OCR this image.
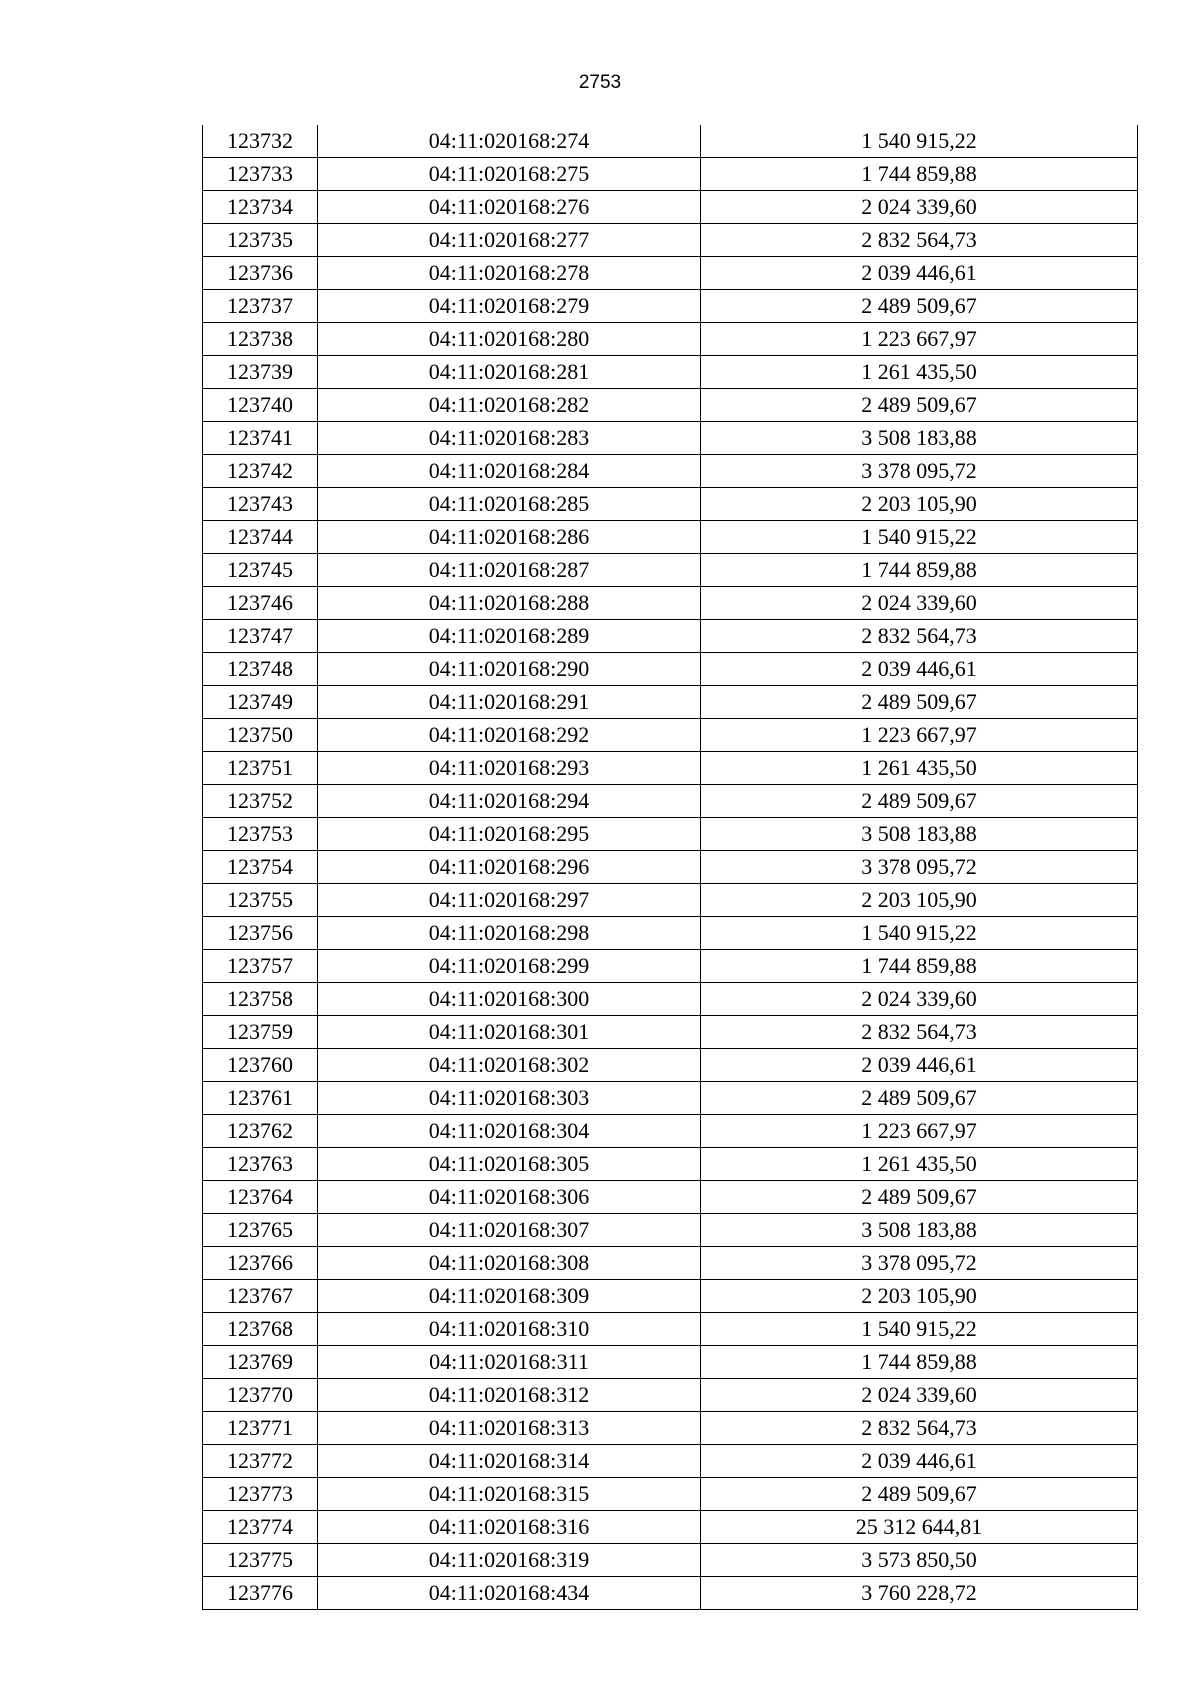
2753
123732	04:11:020168:274	1 540 915,22
123733	04:11:020168:275	1 744 859,88
123734	04:11:020168:276	2 024 339,60
123735	04:11:020168:277	2 832 564,73
123736	04:11:020168:278	2 039 446,61
123737	04:11:020168:279	2 489 509,67
123738	04:11:020168:280	1 223 667,97
123739	04:11:020168:281	1 261 435,50
123740	04:11:020168:282	2 489 509,67
123741	04:11:020168:283	3 508 183,88
123742	04:11:020168:284	3 378 095,72
123743	04:11:020168:285	2 203 105,90
123744	04:11:020168:286	1 540 915,22
123745	04:11:020168:287	1 744 859,88
123746	04:11:020168:288	2 024 339,60
123747	04:11:020168:289	2 832 564,73
123748	04:11:020168:290	2 039 446,61
123749	04:11:020168:291	2 489 509,67
123750	04:11:020168:292	1 223 667,97
123751	04:11:020168:293	1 261 435,50
123752	04:11:020168:294	2 489 509,67
123753	04:11:020168:295	3 508 183,88
123754	04:11:020168:296	3 378 095,72
123755	04:11:020168:297	2 203 105,90
123756	04:11:020168:298	1 540 915,22
123757	04:11:020168:299	1 744 859,88
123758	04:11:020168:300	2 024 339,60
123759	04:11:020168:301	2 832 564,73
123760	04:11:020168:302	2 039 446,61
123761	04:11:020168:303	2 489 509,67
123762	04:11:020168:304	1 223 667,97
123763	04:11:020168:305	1 261 435,50
123764	04:11:020168:306	2 489 509,67
123765	04:11:020168:307	3 508 183,88
123766	04:11:020168:308	3 378 095,72
123767	04:11:020168:309	2 203 105,90
123768	04:11:020168:310	1 540 915,22
123769	04:11:020168:311	1 744 859,88
123770	04:11:020168:312	2 024 339,60
123771	04:11:020168:313	2 832 564,73
123772	04:11:020168:314	2 039 446,61
123773	04:11:020168:315	2 489 509,67
123774	04:11:020168:316	25 312 644,81
123775	04:11:020168:319	3 573 850,50
123776	04:11:020168:434	3 760 228,72
